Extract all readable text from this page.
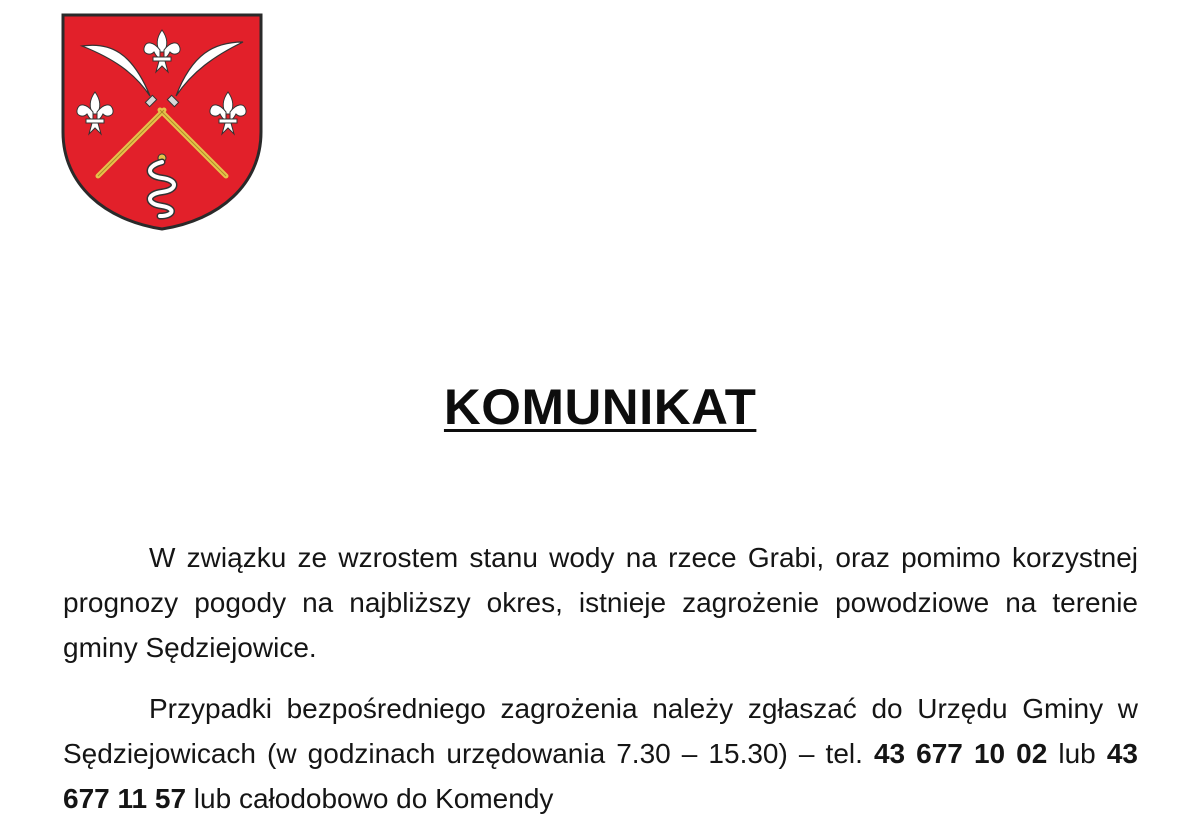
KOMUNIKAT

W związku ze wzrostem stanu wody na rzece Grabi, oraz pomimo korzystnej prognozy pogody na najbliższy okres, istnieje zagrożenie powodziowe na terenie gminy Sędziejowice.

Przypadki bezpośredniego zagrożenia należy zgłaszać do Urzędu Gminy w Sędziejowicach (w godzinach urzędowania 7.30 – 15.30) – tel. 43 677 10 02 lub 43 677 11 57 lub całodobowo do Komendy
